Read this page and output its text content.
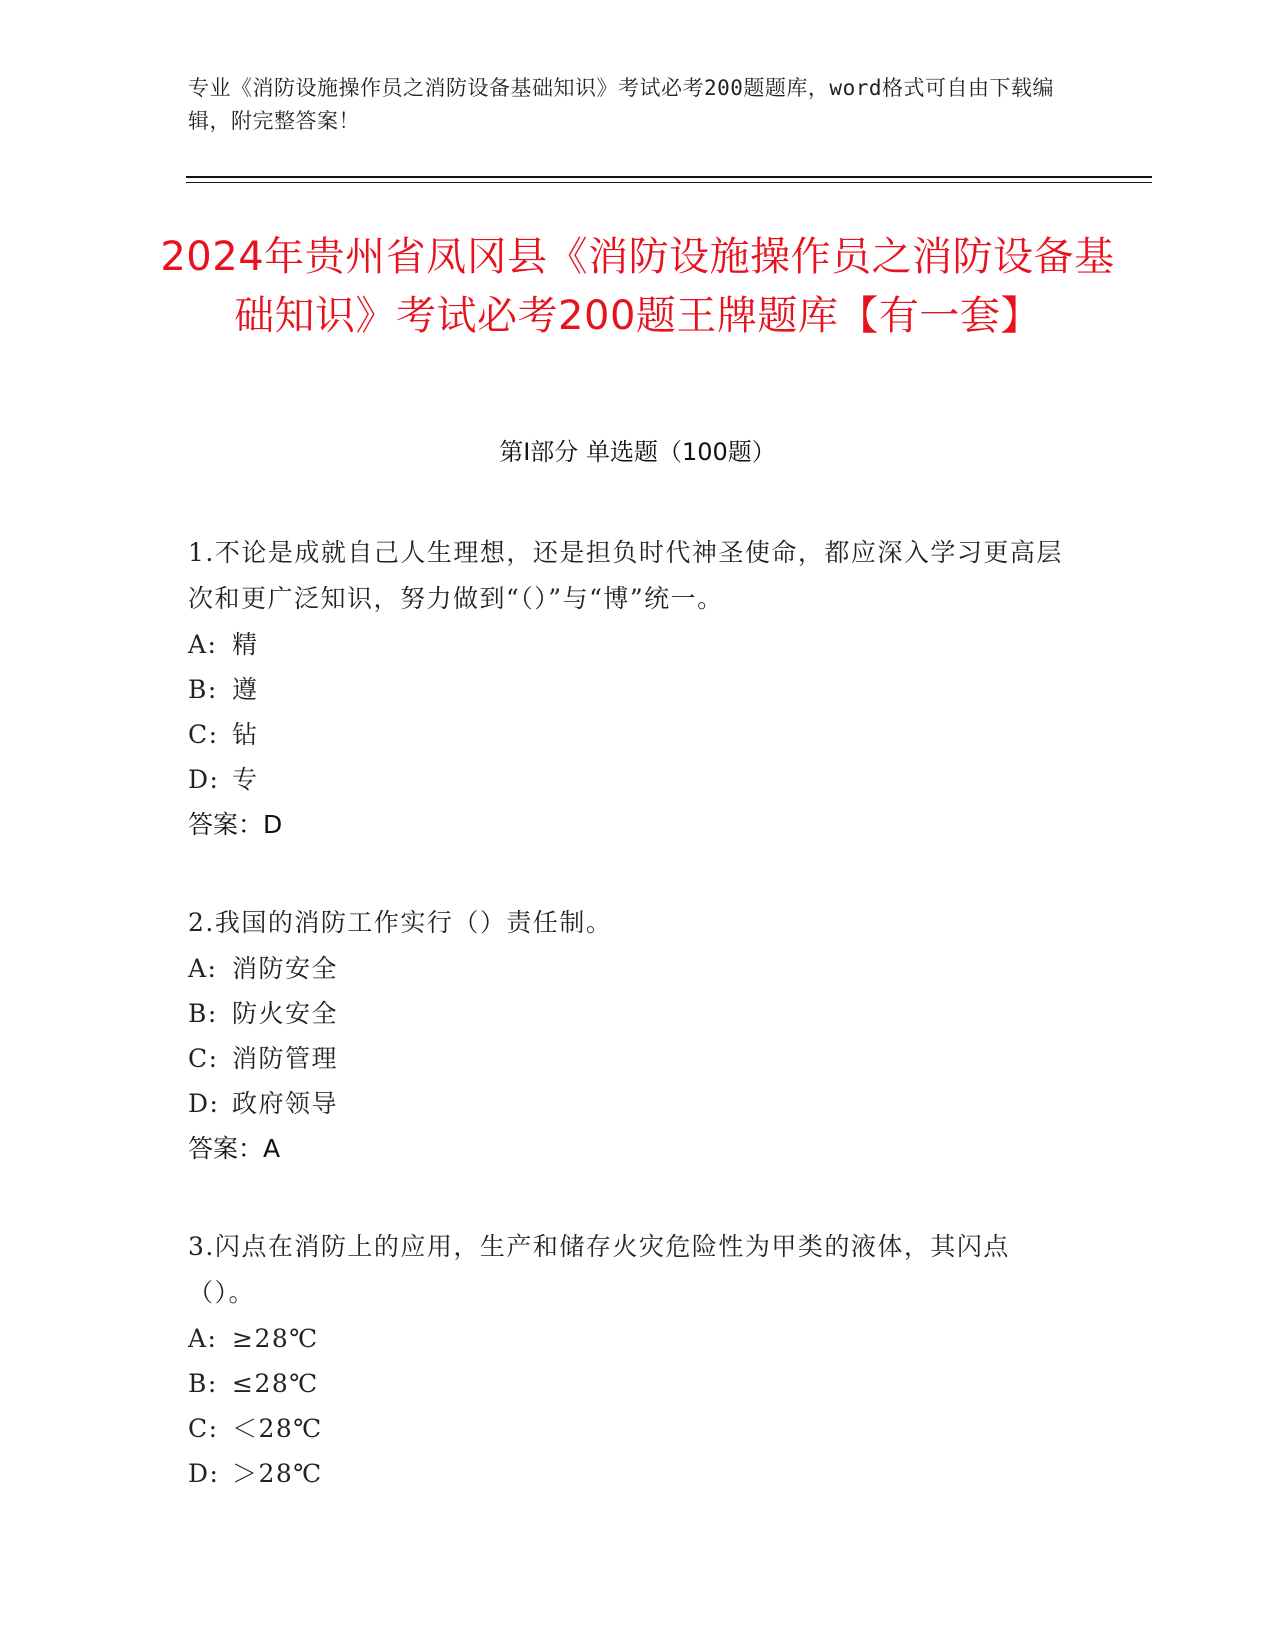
专业《消防设施操作员之消防设备基础知识》考试必考200题题库，word格式可自由下载编辑，附完整答案！
2024年贵州省凤冈县《消防设施操作员之消防设备基础知识》考试必考200题王牌题库【有一套】
第I部分 单选题（100题）
1.不论是成就自己人生理想，还是担负时代神圣使命，都应深入学习更高层次和更广泛知识，努力做到“（）”与“博”统一。
A: 精
B: 遵
C: 钻
D: 专
答案：D
2.我国的消防工作实行（）责任制。
A: 消防安全
B: 防火安全
C: 消防管理
D: 政府领导
答案：A
3.闪点在消防上的应用，生产和储存火灾危险性为甲类的液体，其闪点（）。
A: ≥28℃
B: ≤28℃
C: ＜28℃
D: ＞28℃
